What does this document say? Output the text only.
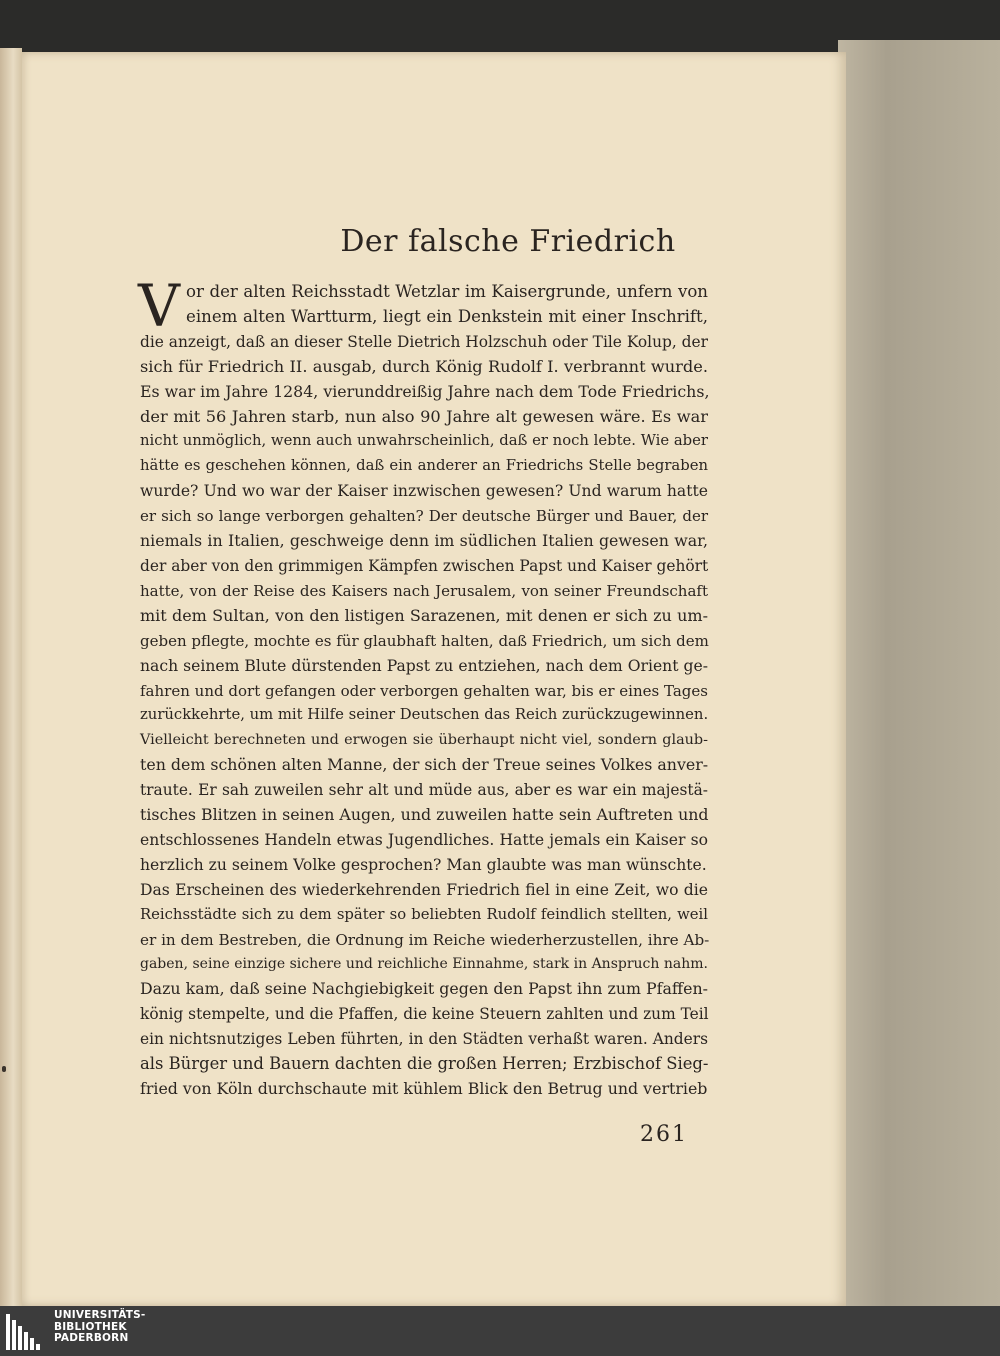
Der falsche Friedrich
V or der alten Reichsstadt Wetzlar im Kaisergrunde, unfern von
einem alten Wartturm, liegt ein Denkstein mit einer Inschrift,
die anzeigt, daß an dieser Stelle Dietrich Holzschuh oder Tile Kolup, der
sich für Friedrich II. ausgab, durch König Rudolf I. verbrannt wurde.
Es war im Jahre 1284, vierunddreißig Jahre nach dem Tode Friedrichs,
der mit 56 Jahren starb, nun also 90 Jahre alt gewesen wäre. Es war
nicht unmöglich, wenn auch unwahrscheinlich, daß er noch lebte. Wie aber
hätte es geschehen können, daß ein anderer an Friedrichs Stelle begraben
wurde? Und wo war der Kaiser inzwischen gewesen? Und warum hatte
er sich so lange verborgen gehalten? Der deutsche Bürger und Bauer, der
niemals in Italien, geschweige denn im südlichen Italien gewesen war,
der aber von den grimmigen Kämpfen zwischen Papst und Kaiser gehört
hatte, von der Reise des Kaisers nach Jerusalem, von seiner Freundschaft
mit dem Sultan, von den listigen Sarazenen, mit denen er sich zu um-
geben pflegte, mochte es für glaubhaft halten, daß Friedrich, um sich dem
nach seinem Blute dürstenden Papst zu entziehen, nach dem Orient ge-
fahren und dort gefangen oder verborgen gehalten war, bis er eines Tages
zurückkehrte, um mit Hilfe seiner Deutschen das Reich zurückzugewinnen.
Vielleicht berechneten und erwogen sie überhaupt nicht viel, sondern glaub-
ten dem schönen alten Manne, der sich der Treue seines Volkes anver-
traute. Er sah zuweilen sehr alt und müde aus, aber es war ein majestä-
tisches Blitzen in seinen Augen, und zuweilen hatte sein Auftreten und
entschlossenes Handeln etwas Jugendliches. Hatte jemals ein Kaiser so
herzlich zu seinem Volke gesprochen? Man glaubte was man wünschte.
Das Erscheinen des wiederkehrenden Friedrich fiel in eine Zeit, wo die
Reichsstädte sich zu dem später so beliebten Rudolf feindlich stellten, weil
er in dem Bestreben, die Ordnung im Reiche wiederherzustellen, ihre Ab-
gaben, seine einzige sichere und reichliche Einnahme, stark in Anspruch nahm.
Dazu kam, daß seine Nachgiebigkeit gegen den Papst ihn zum Pfaffen-
könig stempelte, und die Pfaffen, die keine Steuern zahlten und zum Teil
ein nichtsnutziges Leben führten, in den Städten verhaßt waren. Anders
als Bürger und Bauern dachten die großen Herren; Erzbischof Sieg-
fried von Köln durchschaute mit kühlem Blick den Betrug und vertrieb
261
UNIVERSITÄTS-
BIBLIOTHEK
PADERBORN
